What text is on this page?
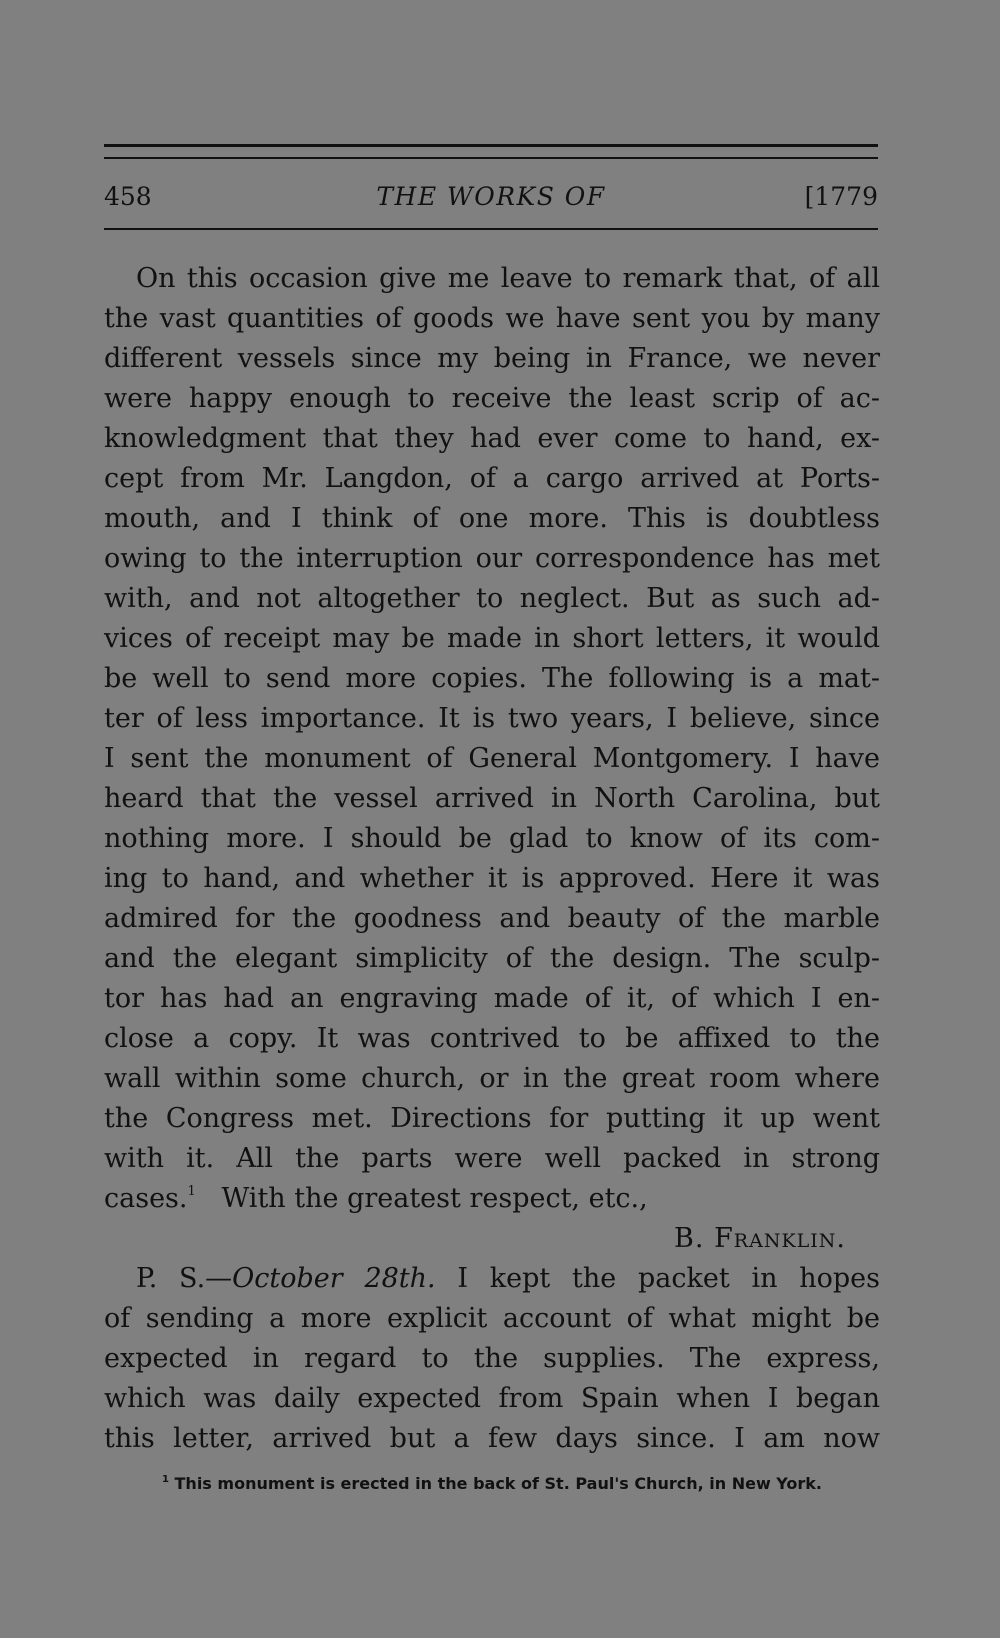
458	THE WORKS OF	[1779
On this occasion give me leave to remark that, of all
the vast quantities of goods we have sent you by many
different vessels since my being in France, we never
were happy enough to receive the least scrip of ac-
knowledgment that they had ever come to hand, ex-
cept from Mr. Langdon, of a cargo arrived at Ports-
mouth, and I think of one more. This is doubtless
owing to the interruption our correspondence has met
with, and not altogether to neglect. But as such ad-
vices of receipt may be made in short letters, it would
be well to send more copies. The following is a mat-
ter of less importance. It is two years, I believe, since
I sent the monument of General Montgomery. I have
heard that the vessel arrived in North Carolina, but
nothing more. I should be glad to know of its com-
ing to hand, and whether it is approved. Here it was
admired for the goodness and beauty of the marble
and the elegant simplicity of the design. The sculp-
tor has had an engraving made of it, of which I en-
close a copy. It was contrived to be affixed to the
wall within some church, or in the great room where
the Congress met. Directions for putting it up went
with it. All the parts were well packed in strong
cases.$^1$ With the greatest respect, etc.,
B. Franklin.
P. S.—October 28th. I kept the packet in hopes
of sending a more explicit account of what might be
expected in regard to the supplies. The express,
which was daily expected from Spain when I began
this letter, arrived but a few days since. I am now
$^1$ This monument is erected in the back of St. Paul's Church, in New York.
